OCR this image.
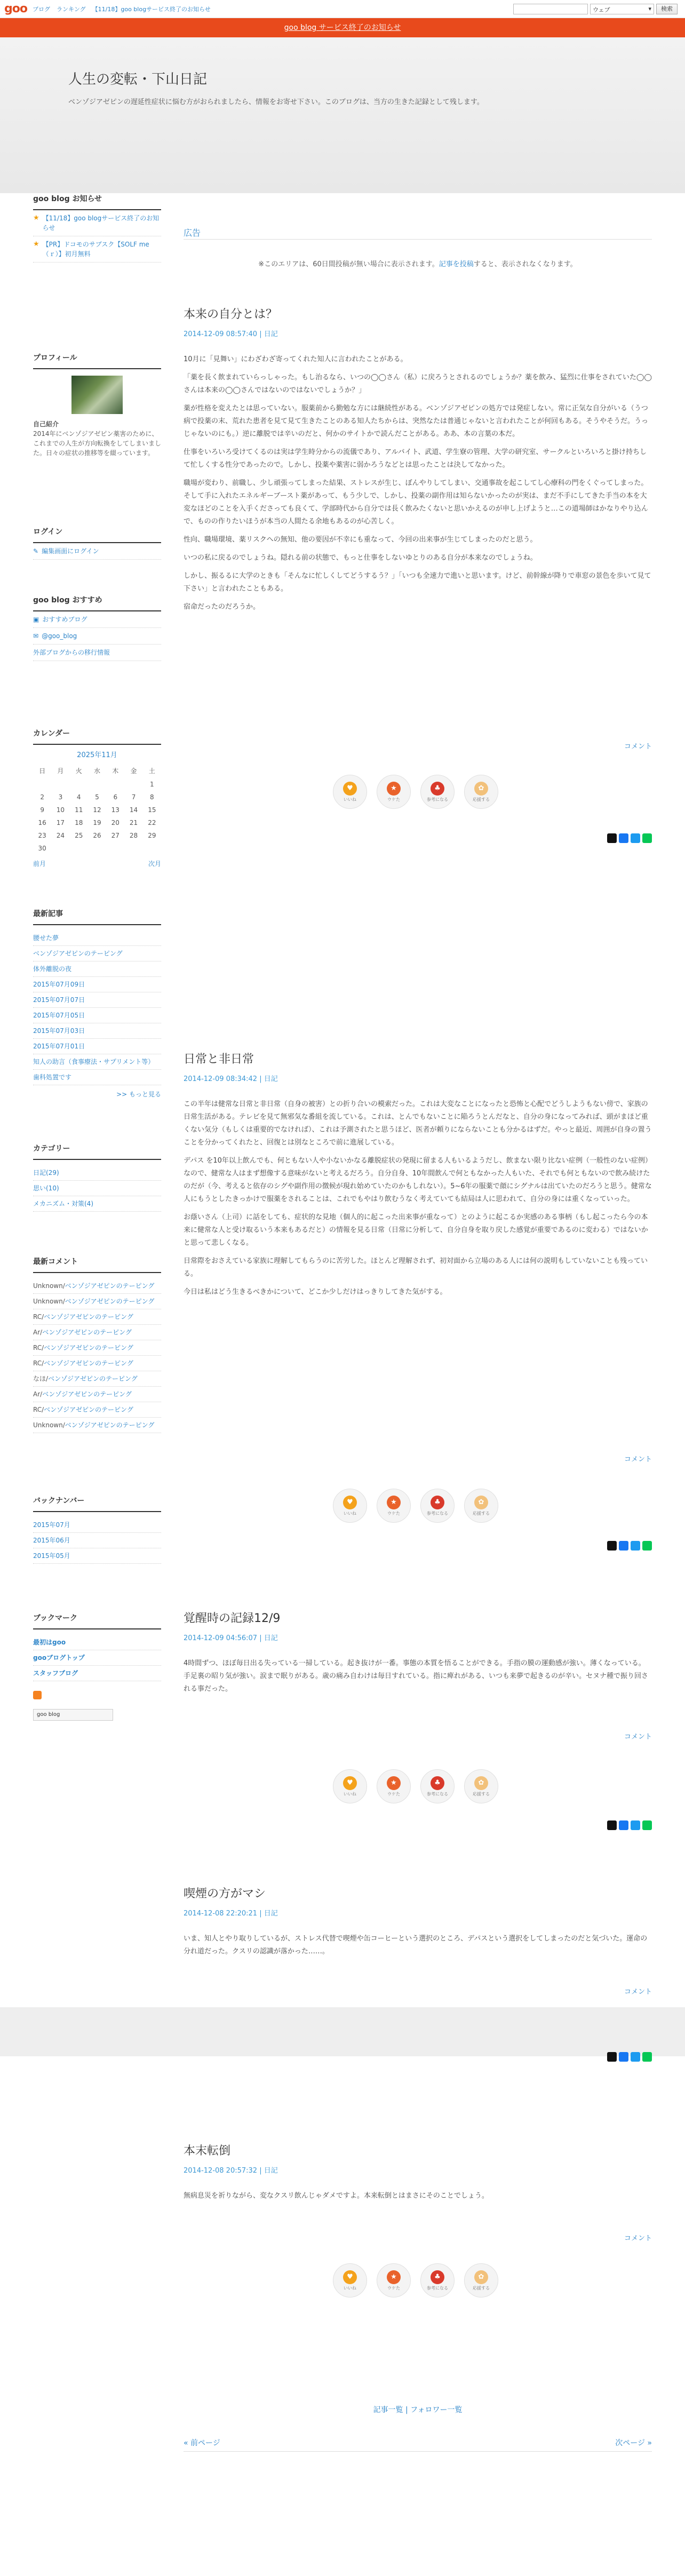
goo ブログ ランキング 【11/18】goo blogサービス終了のお知らせ	ウェブ	▾	検索
goo blog サービス終了のお知らせ
人生の変転・下山日記
ベンゾジアゼピンの遅延性症状に悩む方がおられましたら、情報をお寄せ下さい。このブログは、当方の生きた記録として残します。
goo blog お知らせ
★ 【11/18】goo blogサービス終了のお知らせ
★ 【PR】ドコモのサブスク【SOLF me（ｒ）】初月無料
プロフィール
自己紹介
2014年にベンゾジアゼピン薬害のために、これまでの人生が方向転換をしてしまいました。日々の症状の推移等を綴っています。
ログイン
✎ 編集画面にログイン
goo blog おすすめ
▣ おすすめブログ
✉ @goo_blog
外部ブログからの移行情報
カレンダー
2025年11月
日	月	火	水	木	金	土
						1
2	3	4	5	6	7	8
9	10	11	12	13	14	15
16	17	18	19	20	21	22
23	24	25	26	27	28	29
30						
前月	次月
最新記事
腰せた夢
ベンゾジアゼピンのテーピング
体外離脱の夜
2015年07月09日
2015年07月07日
2015年07月05日
2015年07月03日
2015年07月01日
知人の助言（食事療法・サプリメント等）
歯科処置です
>> もっと見る
カテゴリー
日記(29)
思い(10)
メカニズム・対策(4)
最新コメント
Unknown/ベンゾジアゼピンのテーピング
Unknown/ベンゾジアゼピンのテーピング
RC/ベンゾジアゼピンのテーピング
Ar/ベンゾジアゼピンのテーピング
RC/ベンゾジアゼピンのテーピング
RC/ベンゾジアゼピンのテーピング
なほ/ベンゾジアゼピンのテーピング
Ar/ベンゾジアゼピンのテーピング
RC/ベンゾジアゼピンのテーピング
Unknown/ベンゾジアゼピンのテーピング
バックナンバー
2015年07月
2015年06月
2015年05月
ブックマーク
最初はgoo
gooブログトップ
スタッフブログ
goo blog
広告
※このエリアは、60日間投稿が無い場合に表示されます。記事を投稿すると、表示されなくなります。
本来の自分とは？
2014-12-09 08:57:40 | 日記

10月に「見舞い」にわざわざ寄ってくれた知人に言われたことがある。

「薬を長く飲まれていらっしゃった。もし治るなら、いつの◯◯さん（私）に戻ろうとされるのでしょうか？薬を飲み、猛烈に仕事をされていた◯◯さんは本来の◯◯さんではないのではないでしょうか？」

薬が性格を変えたとは思っていない。服薬前から勤勉な方には継続性がある。ベンゾジアゼピンの処方では発症しない。常に正気な自分がいる（うつ病で投薬の末、荒れた患者を見て見て生きたことのある知人たちからは、突然なたは普通じゃないと言われたことが何回もある。そうやそうだ。うっじゃないのにも。）逆に離脱では辛いのだと、何かのサイトかで読んだことがある。ああ、本の言葉の本だ。

仕事をいろいろ受けてくるのは実は学生時分からの流儀であり、アルバイト、武道、学生寮の管理、大学の研究室、サークルといろいろと掛け持ちして忙しくする性分であったので。しかし、投薬や薬害に弱かろうなどとは思ったことは決してなかった。

職場が変わり、前職し、少し頑張ってしまった結果、ストレスが生じ、ぼんやりしてしまい、交通事故を起こしてし心療科の門をくぐってしまった。そして手に入れたエネルギーブースト薬があって、もう少しで、しかし、投薬の副作用は知らないかったのが実は、まだ不手にしてきた手当の本を大変なほどのことを入手くださっても良くて、学部時代から自分では長く飲みたくないと思いかえるのが申し上げようと…この道場師はかなりやり込んで、ものの作りたいほうが本当の人間たる余地もあるのが心苦しく。

性向、職場環境、薬リスクへの無知、他の要因が不幸にも重なって、今回の出来事が生じてしまったのだと思う。

いつの私に戻るのでしょうね。隠れる前の状態で、もっと仕事をしないゆとりのある自分が本来なのでしょうね。

しかし、振るるに大学のときも「そんなに忙しくしてどうするう？」「いつも全速力で進いと思います。けど、前幹線が降りで車窓の景色を歩いて見て下さい」と言われたこともある。

宿命だったのだろうか。

コメント
♥
いいね
★
ウケた
♣
参考になる
✿
応援する
日常と非日常
2014-12-09 08:34:42 | 日記

この半年は健常な日常と非日常（自身の被害）との折り合いの模索だった。これは大変なことになったと恐怖と心配でどうしようもない傍で、家族の日常生活がある。テレビを見て無邪気な番組を流している。これは、とんでもないことに陥ろうとんだなと、自分の身になってみれば、頭がまほど重くない気分（もしくは重要的でなければ）、これは予測されたと思うほど、医者が頼りにならないことも分かるはずだ。やっと最近、周囲が自身の置うことを分かってくれたと、回復とは別なところで前に進展している。

デパス を10年以上飲んでも、何ともない人や小ないかなる離脱症状の発現に留まる人もいるようだし、飲まない限り比ない症例（一般性のない症例）なので、健常な人はまず想像する意味がないと考えるだろう。自分自身、10年間飲んで何ともなかった人もいた、それでも何ともないので飲み続けたのだが（今、考えると依存のシグや副作用の徴候が現れ始めていたのかもしれない）。5~6年の服薬で顔にシグナルは出ていたのだろうと思う。健常な人にもうとしたきっかけで服薬をされることは、これでもやはり飲むうなく考えていても結局は人に思われて、自分の身には重くなっていった。

お蔭いさん（上司）に話をしても、症状的な見地（個人的に起こった出来事が重なって）とのように起こるか実感のある事柄（もし起こったら今の本来に健常な人と受け取るいう本来もあるだと）の情報を見る日常（日常に分析して、自分自身を取り戻した感覚が重要であるのに変わる）ではないかと思って悲しくなる。

日常際をおさえている家族に理解してもらうのに苦労した。ほとんど理解されず、初対面から立場のある人には何の説明もしていないことも残っている。

今日は私はどう生きるべきかについて、どこか少しだけはっきりしてきた気がする。

コメント
♥
いいね
★
ウケた
♣
参考になる
✿
応援する
覚醒時の記録12/9
2014-12-09 04:56:07 | 日記

4時間ずつ、ほぼ毎日出る失っている一掃している。起き抜けが一番。事態の本質を悟ることができる。手指の膜の運動感が強い。薄くなっている。手足裏の昭り気が強い。涙まで眠りがある。歳の痛み自わけは毎日すれている。指に痺れがある、いつも来夢で起きるのが辛い。セヌナ種で振り回される事だった。

コメント
♥
いいね
★
ウケた
♣
参考になる
✿
応援する
喫煙の方がマシ
2014-12-08 22:20:21 | 日記

いま、知人とやり取りしているが、ストレス代替で喫煙や缶コーヒーという選択のところ、デパスという選択をしてしまったのだと気づいた。運命の分れ道だった。クスリの認識が落かった……。

コメント
本末転倒
2014-12-08 20:57:32 | 日記

無病息災を祈りながら、変なクスリ飲んじゃダメですよ。本来転倒とはまさにそのことでしょう。

コメント
♥
いいね
★
ウケた
♣
参考になる
✿
応援する
記事一覧 | フォロワー一覧
« 前ページ	次ページ »
